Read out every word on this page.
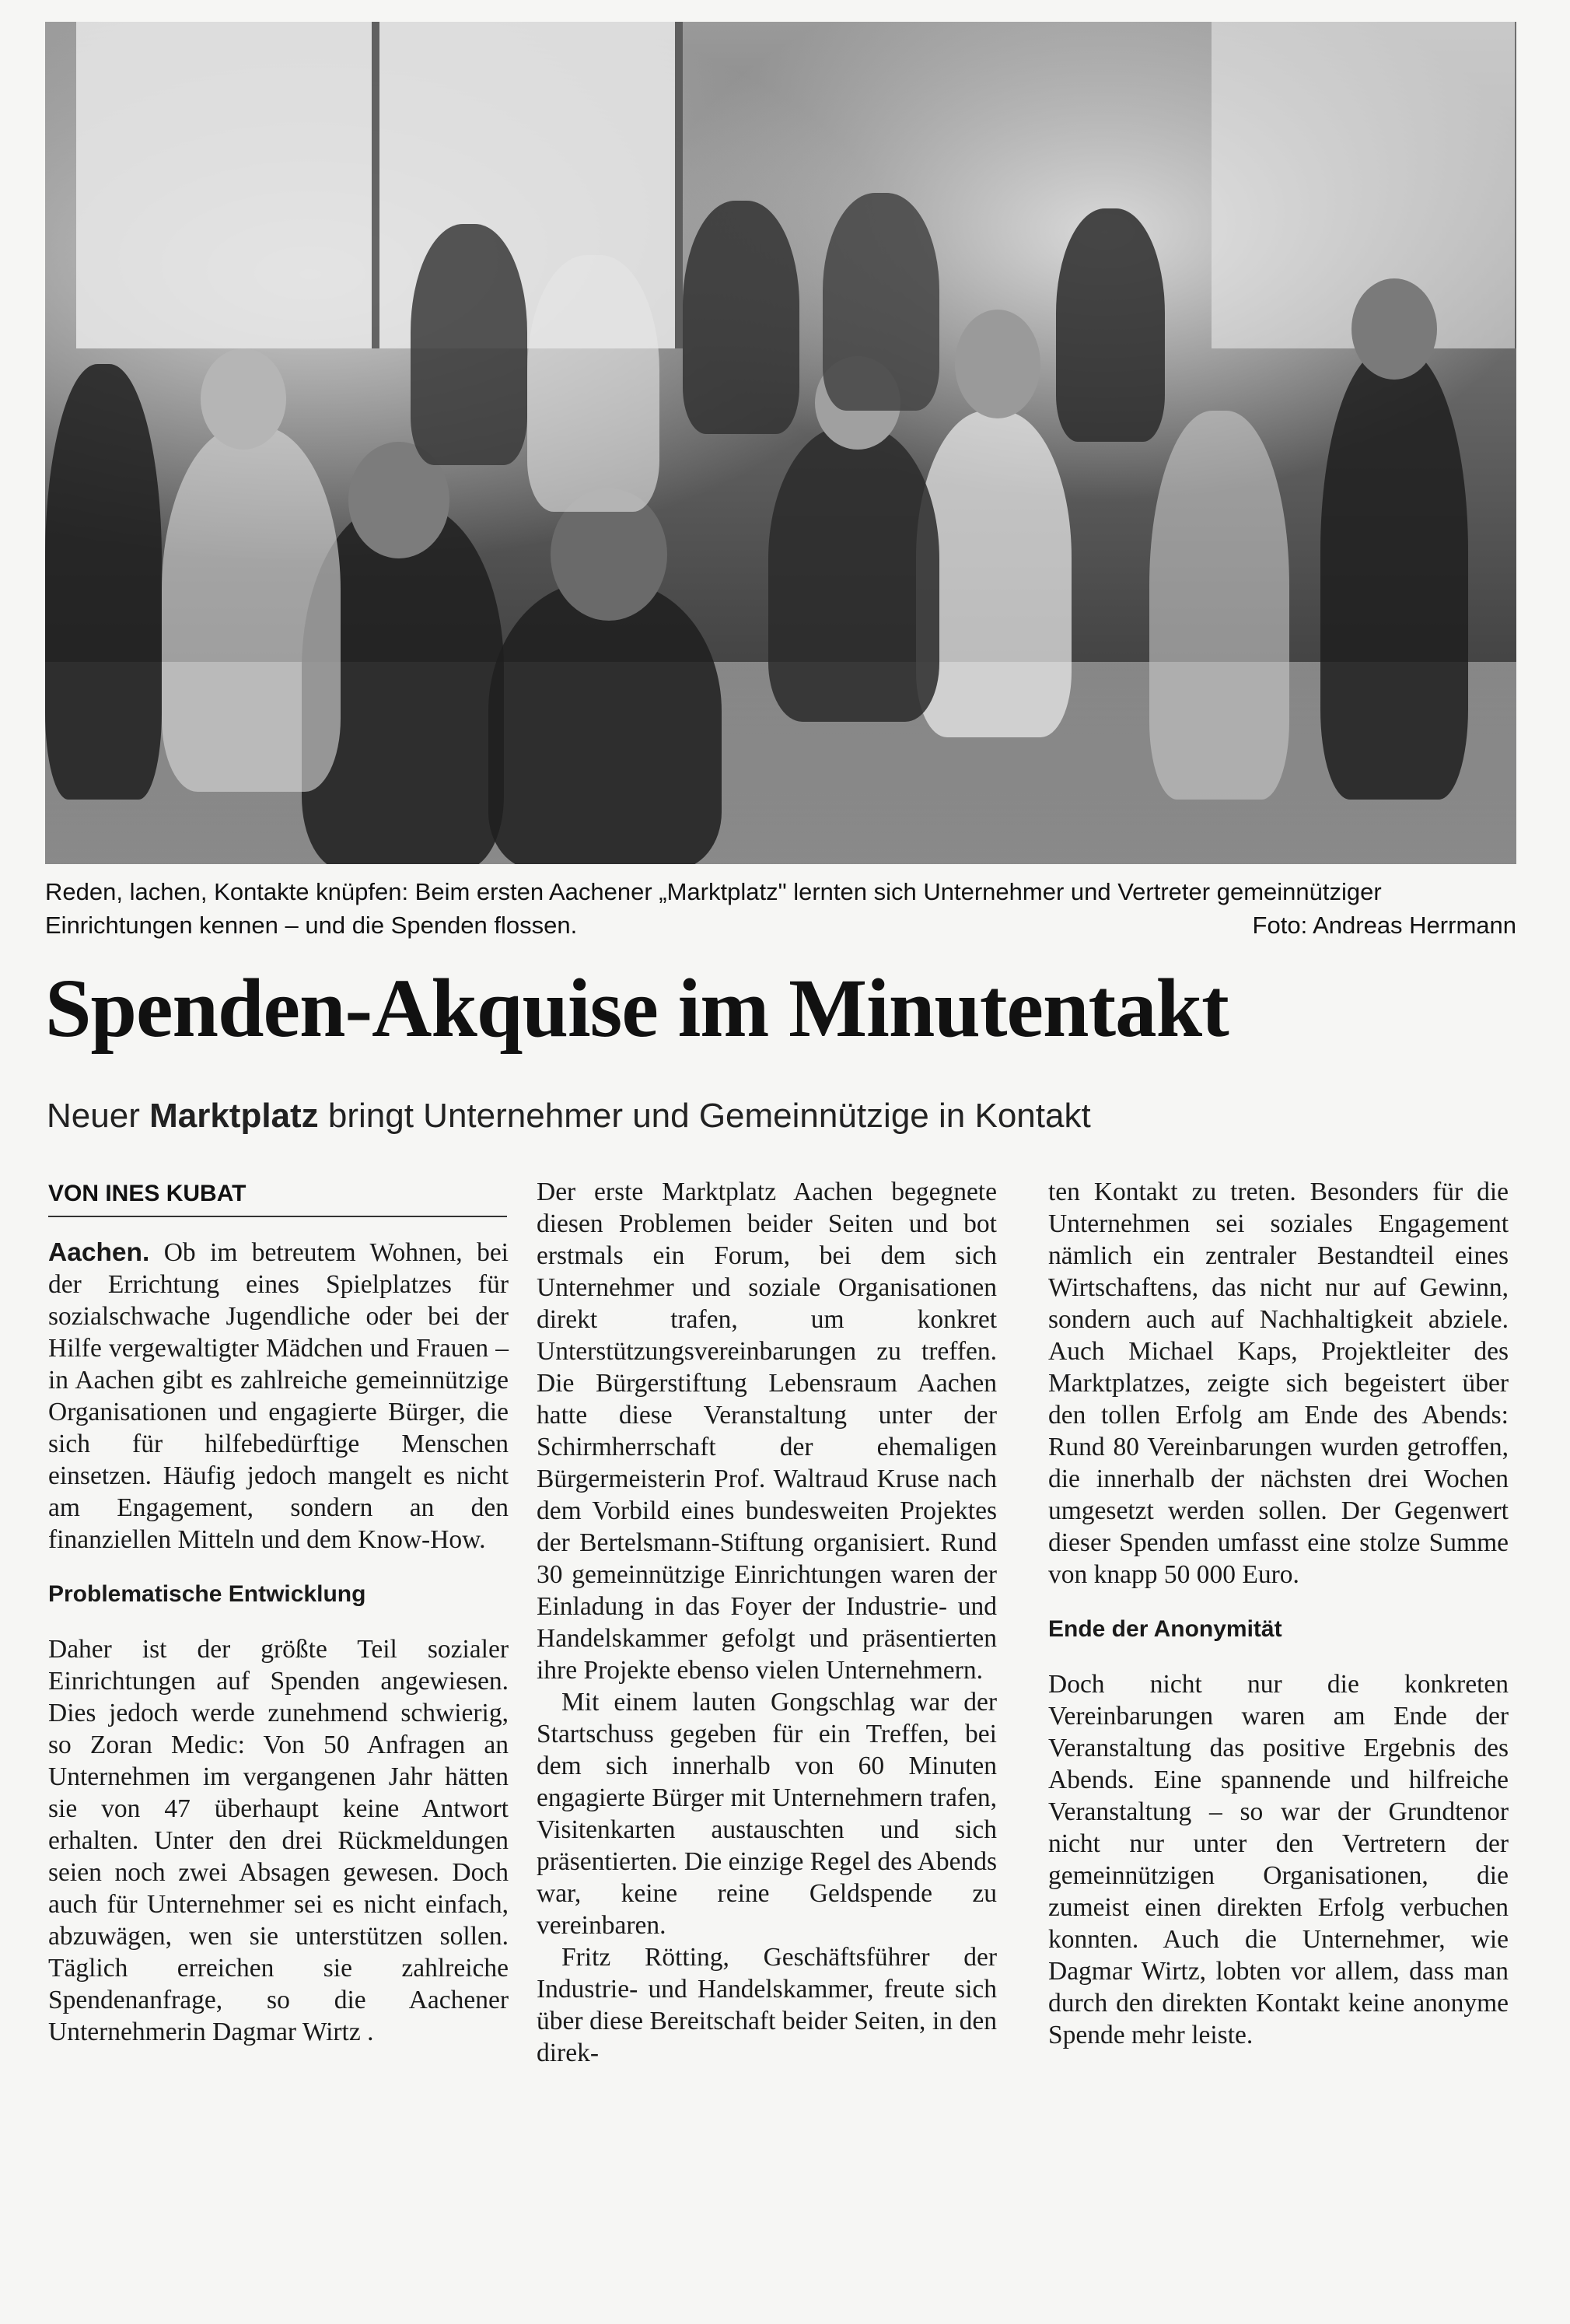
Reden, lachen, Kontakte knüpfen: Beim ersten Aachener „Marktplatz" lernten sich Unternehmer und Vertreter gemeinnütziger Einrichtungen kennen – und die Spenden flossen.	Foto: Andreas Herrmann
Spenden-Akquise im Minutentakt
Neuer Marktplatz bringt Unternehmer und Gemeinnützige in Kontakt
VON INES KUBAT

Aachen. Ob im betreutem Wohnen, bei der Errichtung eines Spielplatzes für sozialschwache Jugendliche oder bei der Hilfe vergewaltigter Mädchen und Frauen – in Aachen gibt es zahlreiche gemeinnützige Organisationen und engagierte Bürger, die sich für hilfebedürftige Menschen einsetzen. Häufig jedoch mangelt es nicht am Engagement, sondern an den finanziellen Mitteln und dem Know-How.

Problematische Entwicklung

Daher ist der größte Teil sozialer Einrichtungen auf Spenden angewiesen. Dies jedoch werde zunehmend schwierig, so Zoran Medic: Von 50 Anfragen an Unternehmen im vergangenen Jahr hätten sie von 47 überhaupt keine Antwort erhalten. Unter den drei Rückmeldungen seien noch zwei Absagen gewesen. Doch auch für Unternehmer sei es nicht einfach, abzuwägen, wen sie unterstützen sollen. Täglich erreichen sie zahlreiche Spendenanfrage, so die Aachener Unternehmerin Dagmar Wirtz .

Der erste Marktplatz Aachen begegnete diesen Problemen beider Seiten und bot erstmals ein Forum, bei dem sich Unternehmer und soziale Organisationen direkt trafen, um konkret Unterstützungsvereinbarungen zu treffen. Die Bürgerstiftung Lebensraum Aachen hatte diese Veranstaltung unter der Schirmherrschaft der ehemaligen Bürgermeisterin Prof. Waltraud Kruse nach dem Vorbild eines bundesweiten Projektes der Bertelsmann-Stiftung organisiert. Rund 30 gemeinnützige Einrichtungen waren der Einladung in das Foyer der Industrie- und Handelskammer gefolgt und präsentierten ihre Projekte ebenso vielen Unternehmern.

Mit einem lauten Gongschlag war der Startschuss gegeben für ein Treffen, bei dem sich innerhalb von 60 Minuten engagierte Bürger mit Unternehmern trafen, Visitenkarten austauschten und sich präsentierten. Die einzige Regel des Abends war, keine reine Geldspende zu vereinbaren.

Fritz Rötting, Geschäftsführer der Industrie- und Handelskammer, freute sich über diese Bereitschaft beider Seiten, in den direk-

ten Kontakt zu treten. Besonders für die Unternehmen sei soziales Engagement nämlich ein zentraler Bestandteil eines Wirtschaftens, das nicht nur auf Gewinn, sondern auch auf Nachhaltigkeit abziele. Auch Michael Kaps, Projektleiter des Marktplatzes, zeigte sich begeistert über den tollen Erfolg am Ende des Abends: Rund 80 Vereinbarungen wurden getroffen, die innerhalb der nächsten drei Wochen umgesetzt werden sollen. Der Gegenwert dieser Spenden umfasst eine stolze Summe von knapp 50 000 Euro.

Ende der Anonymität

Doch nicht nur die konkreten Vereinbarungen waren am Ende der Veranstaltung das positive Ergebnis des Abends. Eine spannende und hilfreiche Veranstaltung – so war der Grundtenor nicht nur unter den Vertretern der gemeinnützigen Organisationen, die zumeist einen direkten Erfolg verbuchen konnten. Auch die Unternehmer, wie Dagmar Wirtz, lobten vor allem, dass man durch den direkten Kontakt keine anonyme Spende mehr leiste.
